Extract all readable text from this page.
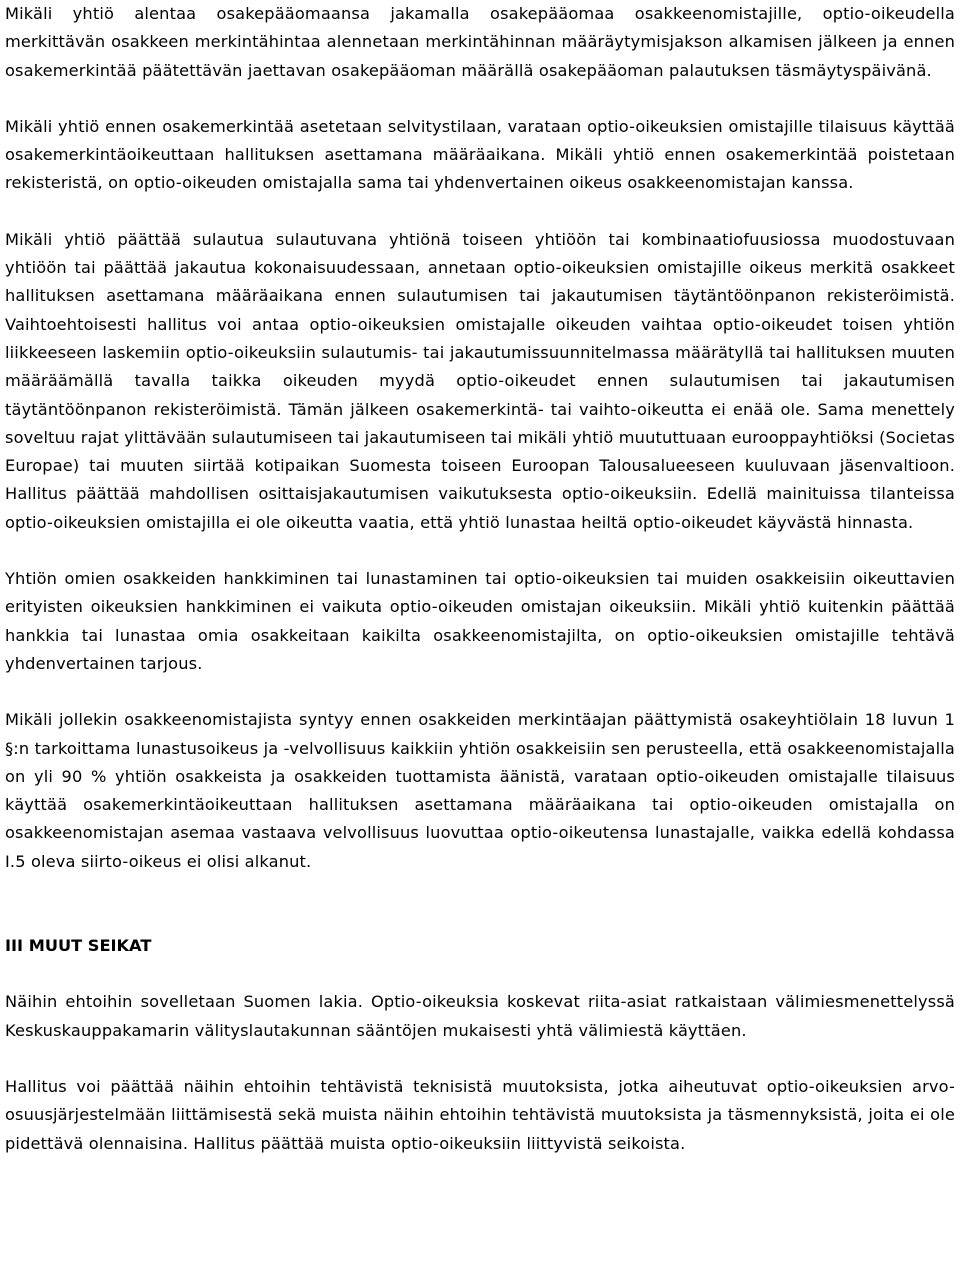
Mikäli yhtiö alentaa osakepääomaansa jakamalla osakepääomaa osakkeenomistajille, optio-oikeudella merkittävän osakkeen merkintähintaa alennetaan merkintähinnan määräytymisjakson alkamisen jälkeen ja ennen osakemerkintää päätettävän jaettavan osakepääoman määrällä osakepääoman palautuksen täsmäytyspäivänä.

Mikäli yhtiö ennen osakemerkintää asetetaan selvitystilaan, varataan optio-oikeuksien omistajille tilaisuus käyttää osakemerkintäoikeuttaan hallituksen asettamana määräaikana. Mikäli yhtiö ennen osakemerkintää poistetaan rekisteristä, on optio-oikeuden omistajalla sama tai yhdenvertainen oikeus osakkeenomistajan kanssa.

Mikäli yhtiö päättää sulautua sulautuvana yhtiönä toiseen yhtiöön tai kombinaatiofuusiossa muodostuvaan yhtiöön tai päättää jakautua kokonaisuudessaan, annetaan optio-oikeuksien omistajille oikeus merkitä osakkeet hallituksen asettamana määräaikana ennen sulautumisen tai jakautumisen täytäntöönpanon rekisteröimistä. Vaihtoehtoisesti hallitus voi antaa optio-oikeuksien omistajalle oikeuden vaihtaa optio-oikeudet toisen yhtiön liikkeeseen laskemiin optio-oikeuksiin sulautumis- tai jakautumissuunnitelmassa määrätyllä tai hallituksen muuten määräämällä tavalla taikka oikeuden myydä optio-oikeudet ennen sulautumisen tai jakautumisen täytäntöönpanon rekisteröimistä. Tämän jälkeen osakemerkintä- tai vaihto-oikeutta ei enää ole. Sama menettely soveltuu rajat ylittävään sulautumiseen tai jakautumiseen tai mikäli yhtiö muututtuaan eurooppayhtiöksi (Societas Europae) tai muuten siirtää kotipaikan Suomesta toiseen Euroopan Talousalueeseen kuuluvaan jäsenvaltioon. Hallitus päättää mahdollisen osittaisjakautumisen vaikutuksesta optio-oikeuksiin. Edellä mainituissa tilanteissa optio-oikeuksien omistajilla ei ole oikeutta vaatia, että yhtiö lunastaa heiltä optio-oikeudet käyvästä hinnasta.

Yhtiön omien osakkeiden hankkiminen tai lunastaminen tai optio-oikeuksien tai muiden osakkeisiin oikeuttavien erityisten oikeuksien hankkiminen ei vaikuta optio-oikeuden omistajan oikeuksiin. Mikäli yhtiö kuitenkin päättää hankkia tai lunastaa omia osakkeitaan kaikilta osakkeenomistajilta, on optio-oikeuksien omistajille tehtävä yhdenvertainen tarjous.

Mikäli jollekin osakkeenomistajista syntyy ennen osakkeiden merkintäajan päättymistä osakeyhtiölain 18 luvun 1 §:n tarkoittama lunastusoikeus ja -velvollisuus kaikkiin yhtiön osakkeisiin sen perusteella, että osakkeenomistajalla on yli 90 % yhtiön osakkeista ja osakkeiden tuottamista äänistä, varataan optio-oikeuden omistajalle tilaisuus käyttää osakemerkintäoikeuttaan hallituksen asettamana määräaikana tai optio-oikeuden omistajalla on osakkeenomistajan asemaa vastaava velvollisuus luovuttaa optio-oikeutensa lunastajalle, vaikka edellä kohdassa I.5 oleva siirto-oikeus ei olisi alkanut.

III MUUT SEIKAT

Näihin ehtoihin sovelletaan Suomen lakia. Optio-oikeuksia koskevat riita-asiat ratkaistaan välimiesmenettelyssä Keskuskauppakamarin välityslautakunnan sääntöjen mukaisesti yhtä välimiestä käyttäen.

Hallitus voi päättää näihin ehtoihin tehtävistä teknisistä muutoksista, jotka aiheutuvat optio-oikeuksien arvo-osuusjärjestelmään liittämisestä sekä muista näihin ehtoihin tehtävistä muutoksista ja täsmennyksistä, joita ei ole pidettävä olennaisina. Hallitus päättää muista optio-oikeuksiin liittyvistä seikoista.
